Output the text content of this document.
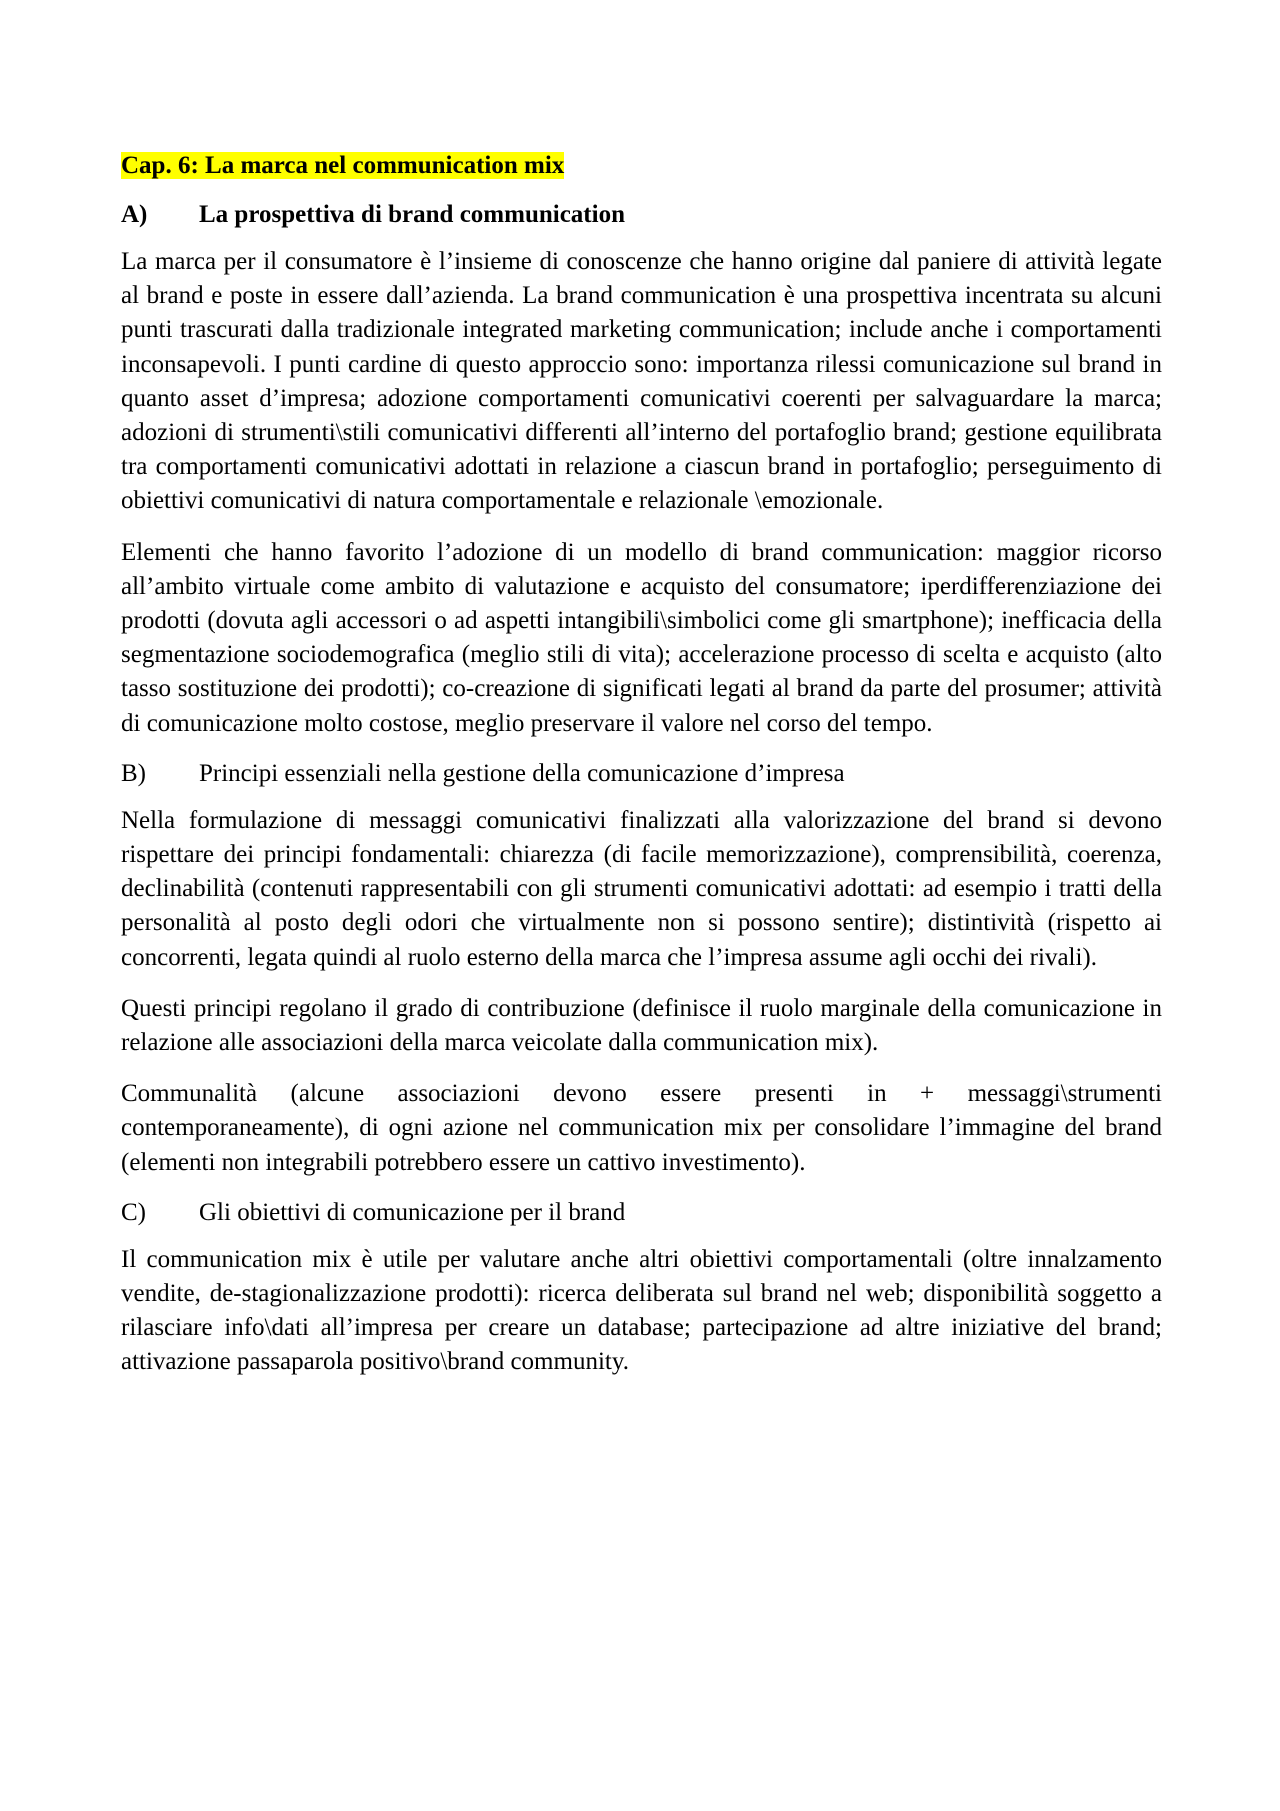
Cap. 6: La marca nel communication mix
A)	La prospettiva di brand communication

La marca per il consumatore è l’insieme di conoscenze che hanno origine dal paniere di attività legate al brand e poste in essere dall’azienda. La brand communication è una prospettiva incentrata su alcuni punti trascurati dalla tradizionale integrated marketing communication; include anche i comportamenti inconsapevoli. I punti cardine di questo approccio sono: importanza rilessi comunicazione sul brand in quanto asset d’impresa; adozione comportamenti comunicativi coerenti per salvaguardare la marca; adozioni di strumenti\stili comunicativi differenti all’interno del portafoglio brand; gestione equilibrata tra comportamenti comunicativi adottati in relazione a ciascun brand in portafoglio; perseguimento di obiettivi comunicativi di natura comportamentale e relazionale \emozionale.

Elementi che hanno favorito l’adozione di un modello di brand communication: maggior ricorso all’ambito virtuale come ambito di valutazione e acquisto del consumatore; iperdifferenziazione dei prodotti (dovuta agli accessori o ad aspetti intangibili\simbolici come gli smartphone); inefficacia della segmentazione sociodemografica (meglio stili di vita); accelerazione processo di scelta e acquisto (alto tasso sostituzione dei prodotti); co-creazione di significati legati al brand da parte del prosumer; attività di comunicazione molto costose, meglio preservare il valore nel corso del tempo.

B)	Principi essenziali nella gestione della comunicazione d’impresa

Nella formulazione di messaggi comunicativi finalizzati alla valorizzazione del brand si devono rispettare dei principi fondamentali: chiarezza (di facile memorizzazione), comprensibilità, coerenza, declinabilità (contenuti rappresentabili con gli strumenti comunicativi adottati: ad esempio i tratti della personalità al posto degli odori che virtualmente non si possono sentire); distintività (rispetto ai concorrenti, legata quindi al ruolo esterno della marca che l’impresa assume agli occhi dei rivali).

Questi principi regolano il grado di contribuzione (definisce il ruolo marginale della comunicazione in relazione alle associazioni della marca veicolate dalla communication mix).

Communalità (alcune associazioni devono essere presenti in + messaggi\strumenti contemporaneamente), di ogni azione nel communication mix per consolidare l’immagine del brand (elementi non integrabili potrebbero essere un cattivo investimento).

C)	Gli obiettivi di comunicazione per il brand

Il communication mix è utile per valutare anche altri obiettivi comportamentali (oltre innalzamento vendite, de-stagionalizzazione prodotti): ricerca deliberata sul brand nel web; disponibilità soggetto a rilasciare info\dati all’impresa per creare un database; partecipazione ad altre iniziative del brand; attivazione passaparola positivo\brand community.
